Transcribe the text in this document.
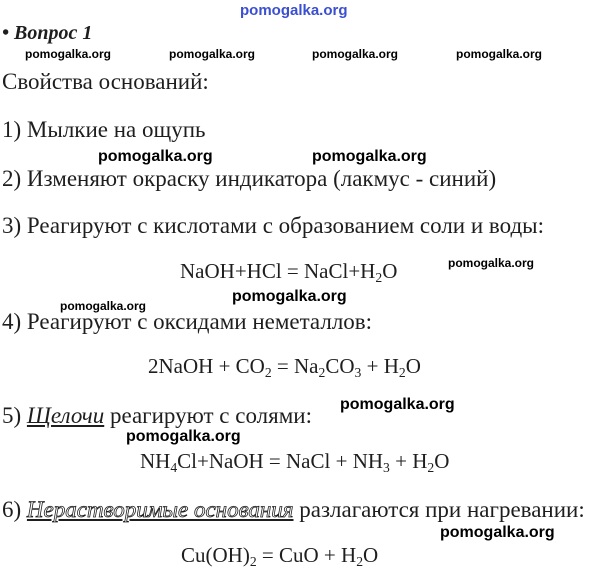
pomogalka.org
• Вопрос 1
pomogalka.org	pomogalka.org	pomogalka.org	pomogalka.org
Свойства оснований:
1) Мылкие на ощупь
pomogalka.org	pomogalka.org
2) Изменяют окраску индикатора (лакмус - синий)
3) Реагируют с кислотами с образованием соли и воды:
NaOH+HCl = $NaCl+H_2O$	pomogalka.org
pomogalka.org
pomogalka.org
4) Реагируют с оксидами неметаллов:
2NaOH + $CO_2 = Na_2CO_3 + H_2O$
pomogalka.org
5) Щелочи реагируют с солями:
pomogalka.org
$NH_4Cl+NaOH$ = NaCl + $NH_3 + H_2O$
6) Нерастворимые основания разлагаются при нагревании:
pomogalka.org
$Cu(OH)_2$ = CuO + $H_2O$
